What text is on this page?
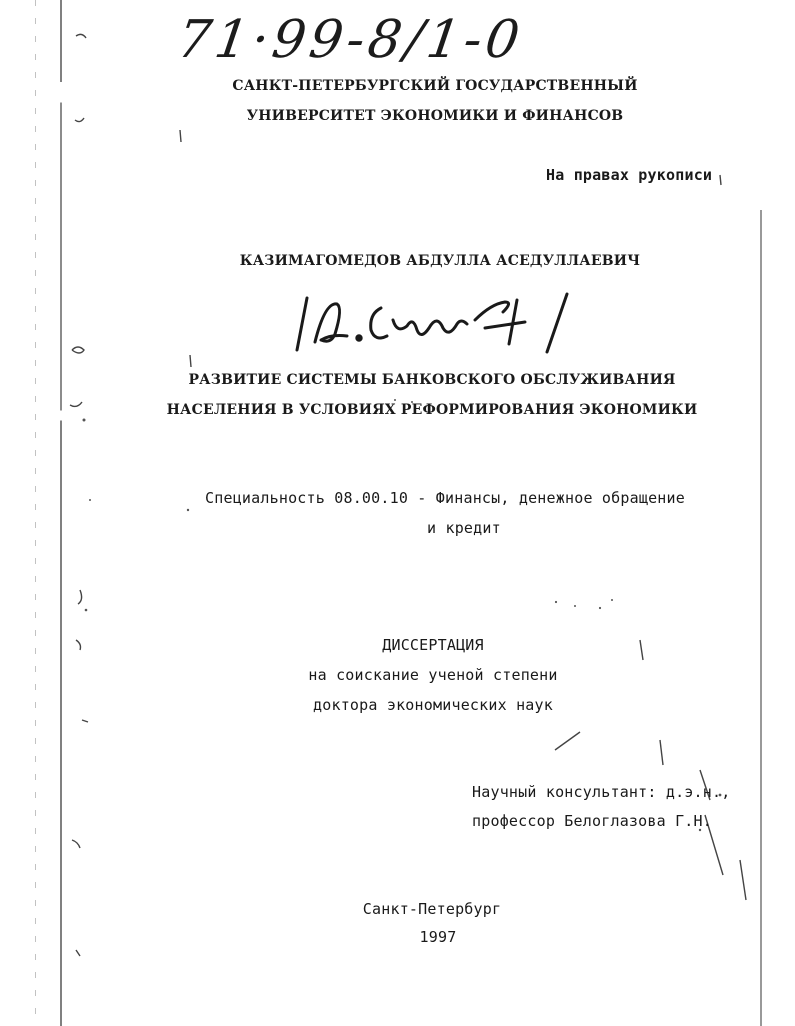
71·99-8/1-0
САНКТ-ПЕТЕРБУРГСКИЙ ГОСУДАРСТВЕННЫЙ
УНИВЕРСИТЕТ ЭКОНОМИКИ И ФИНАНСОВ
На правах рукописи
КАЗИМАГОМЕДОВ АБДУЛЛА АСЕДУЛЛАЕВИЧ
РАЗВИТИЕ СИСТЕМЫ БАНКОВСКОГО ОБСЛУЖИВАНИЯ
НАСЕЛЕНИЯ В УСЛОВИЯХ РЕФОРМИРОВАНИЯ ЭКОНОМИКИ
Специальность 08.00.10 - Финансы, денежное обращение
и кредит
ДИССЕРТАЦИЯ
на соискание ученой степени
доктора экономических наук
Научный консультант: д.э.н.,
профессор Белоглазова Г.Н.
Санкт-Петербург
1997
